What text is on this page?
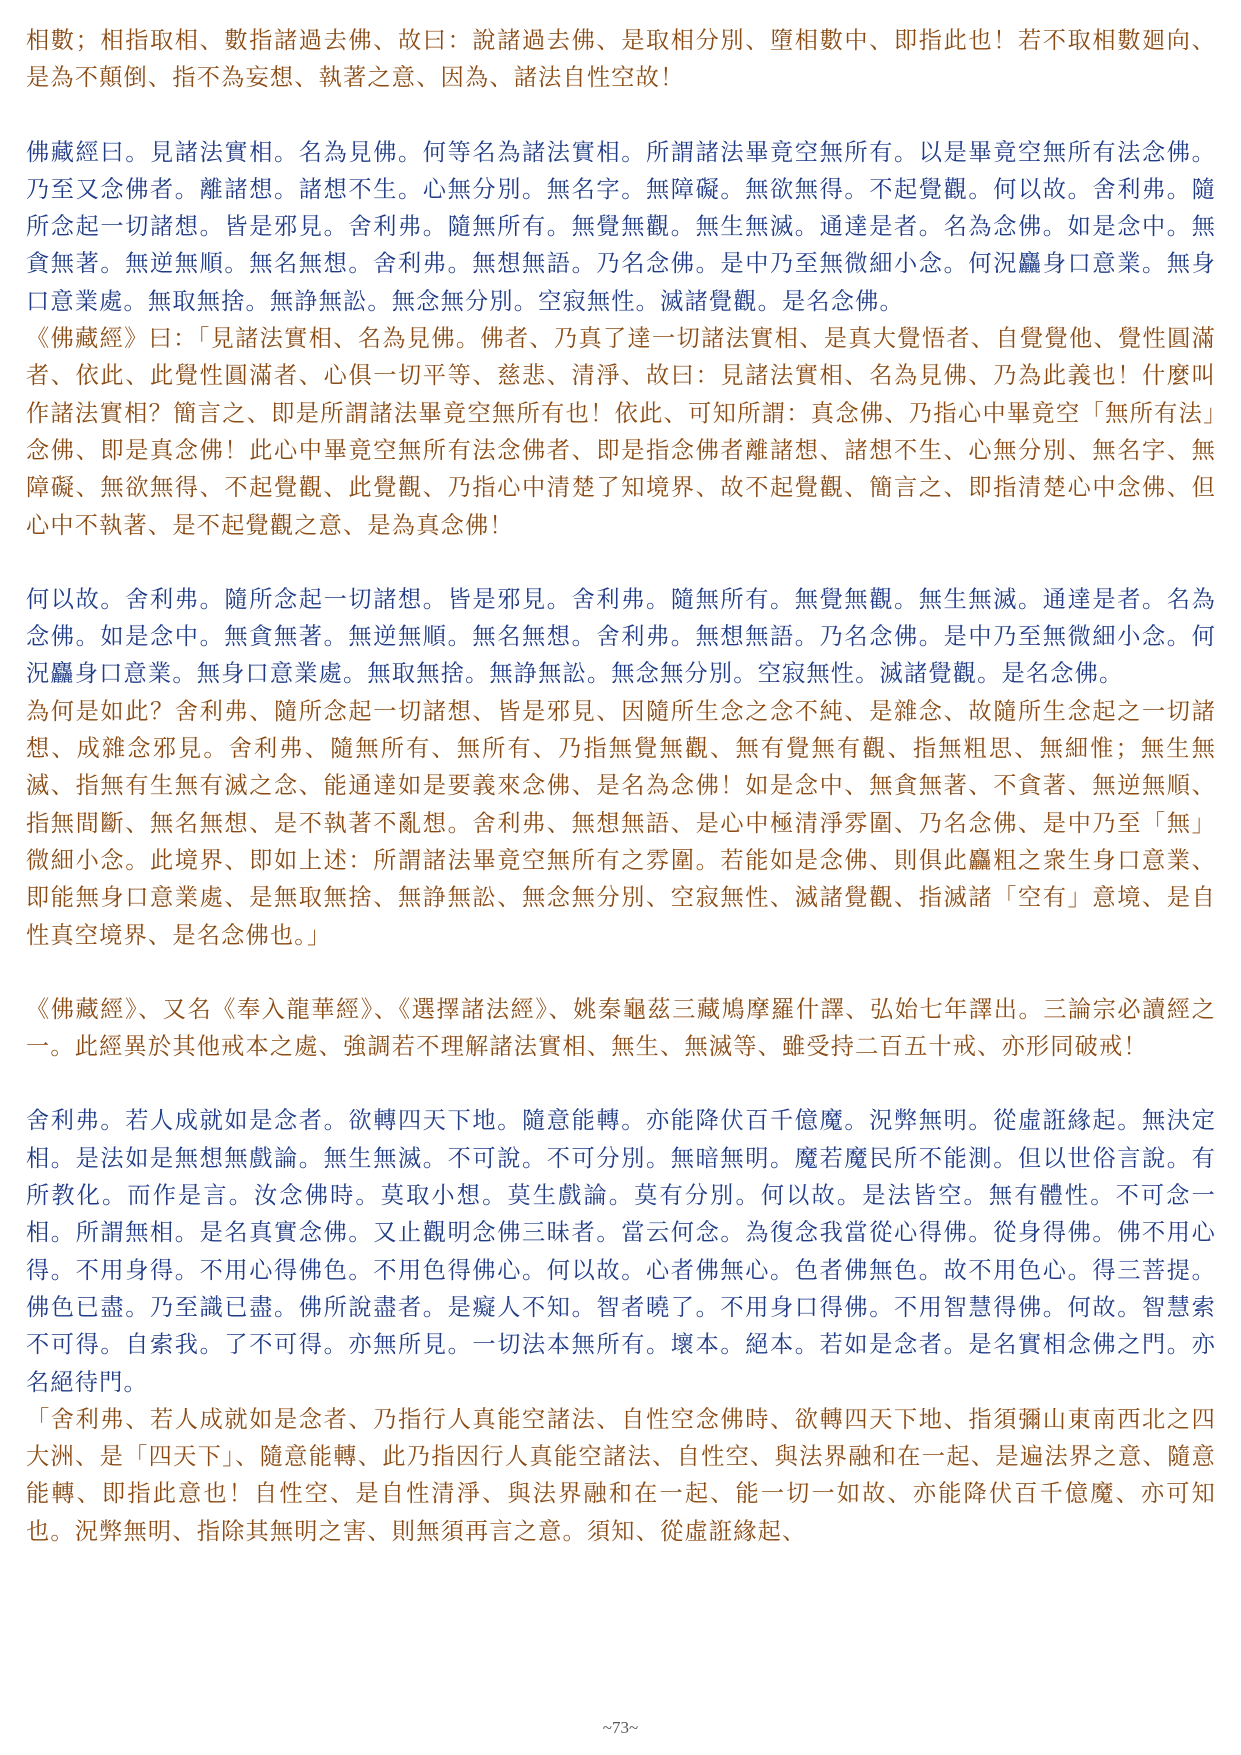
相數；相指取相、數指諸過去佛、故曰：說諸過去佛、是取相分別、墮相數中、即指此也！若不取相數廻向、是為不顛倒、指不為妄想、執著之意、因為、諸法自性空故！

佛藏經曰。見諸法實相。名為見佛。何等名為諸法實相。所謂諸法畢竟空無所有。以是畢竟空無所有法念佛。乃至又念佛者。離諸想。諸想不生。心無分別。無名字。無障礙。無欲無得。不起覺觀。何以故。舍利弗。隨所念起一切諸想。皆是邪見。舍利弗。隨無所有。無覺無觀。無生無滅。通達是者。名為念佛。如是念中。無貪無著。無逆無順。無名無想。舍利弗。無想無語。乃名念佛。是中乃至無微細小念。何況麤身口意業。無身口意業處。無取無捨。無諍無訟。無念無分別。空寂無性。滅諸覺觀。是名念佛。

《佛藏經》曰：「見諸法實相、名為見佛。佛者、乃真了達一切諸法實相、是真大覺悟者、自覺覺他、覺性圓滿者、依此、此覺性圓滿者、心俱一切平等、慈悲、清淨、故曰：見諸法實相、名為見佛、乃為此義也！什麼叫作諸法實相？簡言之、即是所謂諸法畢竟空無所有也！依此、可知所謂：真念佛、乃指心中畢竟空「無所有法」念佛、即是真念佛！此心中畢竟空無所有法念佛者、即是指念佛者離諸想、諸想不生、心無分別、無名字、無障礙、無欲無得、不起覺觀、此覺觀、乃指心中清楚了知境界、故不起覺觀、簡言之、即指清楚心中念佛、但心中不執著、是不起覺觀之意、是為真念佛！

何以故。舍利弗。隨所念起一切諸想。皆是邪見。舍利弗。隨無所有。無覺無觀。無生無滅。通達是者。名為念佛。如是念中。無貪無著。無逆無順。無名無想。舍利弗。無想無語。乃名念佛。是中乃至無微細小念。何況麤身口意業。無身口意業處。無取無捨。無諍無訟。無念無分別。空寂無性。滅諸覺觀。是名念佛。

為何是如此？舍利弗、隨所念起一切諸想、皆是邪見、因隨所生念之念不純、是雜念、故隨所生念起之一切諸想、成雜念邪見。舍利弗、隨無所有、無所有、乃指無覺無觀、無有覺無有觀、指無粗思、無細惟；無生無滅、指無有生無有滅之念、能通達如是要義來念佛、是名為念佛！如是念中、無貪無著、不貪著、無逆無順、指無間斷、無名無想、是不執著不亂想。舍利弗、無想無語、是心中極清淨雰圍、乃名念佛、是中乃至「無」微細小念。此境界、即如上述：所謂諸法畢竟空無所有之雰圍。若能如是念佛、則俱此麤粗之衆生身口意業、即能無身口意業處、是無取無捨、無諍無訟、無念無分別、空寂無性、滅諸覺觀、指滅諸「空有」意境、是自性真空境界、是名念佛也。」

《佛藏經》、又名《奉入龍華經》、《選擇諸法經》、姚秦龜茲三藏鳩摩羅什譯、弘始七年譯出。三論宗必讀經之一。此經異於其他戒本之處、強調若不理解諸法實相、無生、無滅等、雖受持二百五十戒、亦形同破戒！

舍利弗。若人成就如是念者。欲轉四天下地。隨意能轉。亦能降伏百千億魔。況弊無明。從虛誑緣起。無決定相。是法如是無想無戲論。無生無滅。不可說。不可分別。無暗無明。魔若魔民所不能測。但以世俗言說。有所教化。而作是言。汝念佛時。莫取小想。莫生戲論。莫有分別。何以故。是法皆空。無有體性。不可念一相。所謂無相。是名真實念佛。又止觀明念佛三昧者。當云何念。為復念我當從心得佛。從身得佛。佛不用心得。不用身得。不用心得佛色。不用色得佛心。何以故。心者佛無心。色者佛無色。故不用色心。得三菩提。佛色已盡。乃至識已盡。佛所說盡者。是癡人不知。智者曉了。不用身口得佛。不用智慧得佛。何故。智慧索不可得。自索我。了不可得。亦無所見。一切法本無所有。壞本。絕本。若如是念者。是名實相念佛之門。亦名絕待門。

「舍利弗、若人成就如是念者、乃指行人真能空諸法、自性空念佛時、欲轉四天下地、指須彌山東南西北之四大洲、是「四天下」、隨意能轉、此乃指因行人真能空諸法、自性空、與法界融和在一起、是遍法界之意、隨意能轉、即指此意也！自性空、是自性清淨、與法界融和在一起、能一切一如故、亦能降伏百千億魔、亦可知也。況弊無明、指除其無明之害、則無須再言之意。須知、從虛誑緣起、

~73~
